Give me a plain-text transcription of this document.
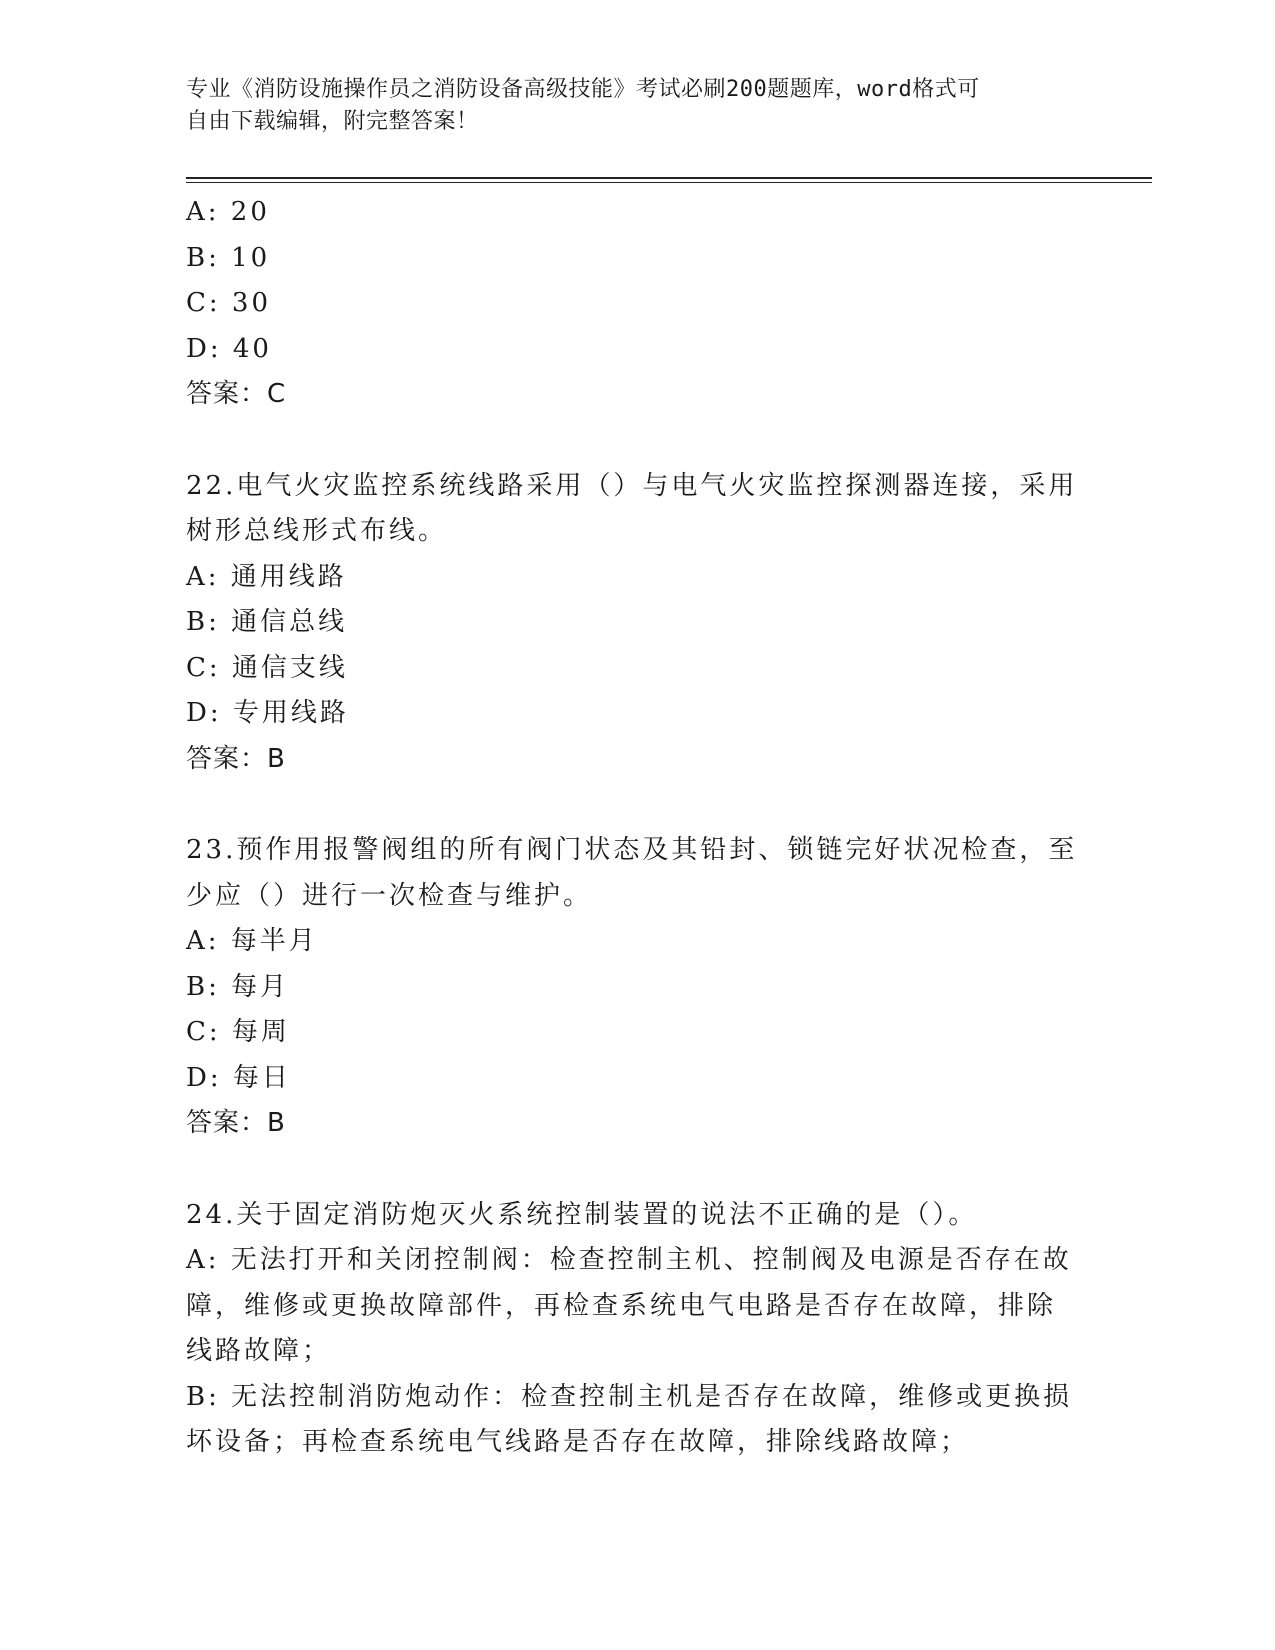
专业《消防设施操作员之消防设备高级技能》考试必刷200题题库，word格式可
自由下载编辑，附完整答案！
A: 20
B: 10
C: 30
D: 40
答案：C
22.电气火灾监控系统线路采用（）与电气火灾监控探测器连接，采用
树形总线形式布线。
A: 通用线路
B: 通信总线
C: 通信支线
D: 专用线路
答案：B
23.预作用报警阀组的所有阀门状态及其铅封、锁链完好状况检查，至
少应（）进行一次检查与维护。
A: 每半月
B: 每月
C: 每周
D: 每日
答案：B
24.关于固定消防炮灭火系统控制装置的说法不正确的是（）。
A: 无法打开和关闭控制阀：检查控制主机、控制阀及电源是否存在故
障，维修或更换故障部件，再检查系统电气电路是否存在故障，排除
线路故障；
B: 无法控制消防炮动作：检查控制主机是否存在故障，维修或更换损
坏设备；再检查系统电气线路是否存在故障，排除线路故障；
